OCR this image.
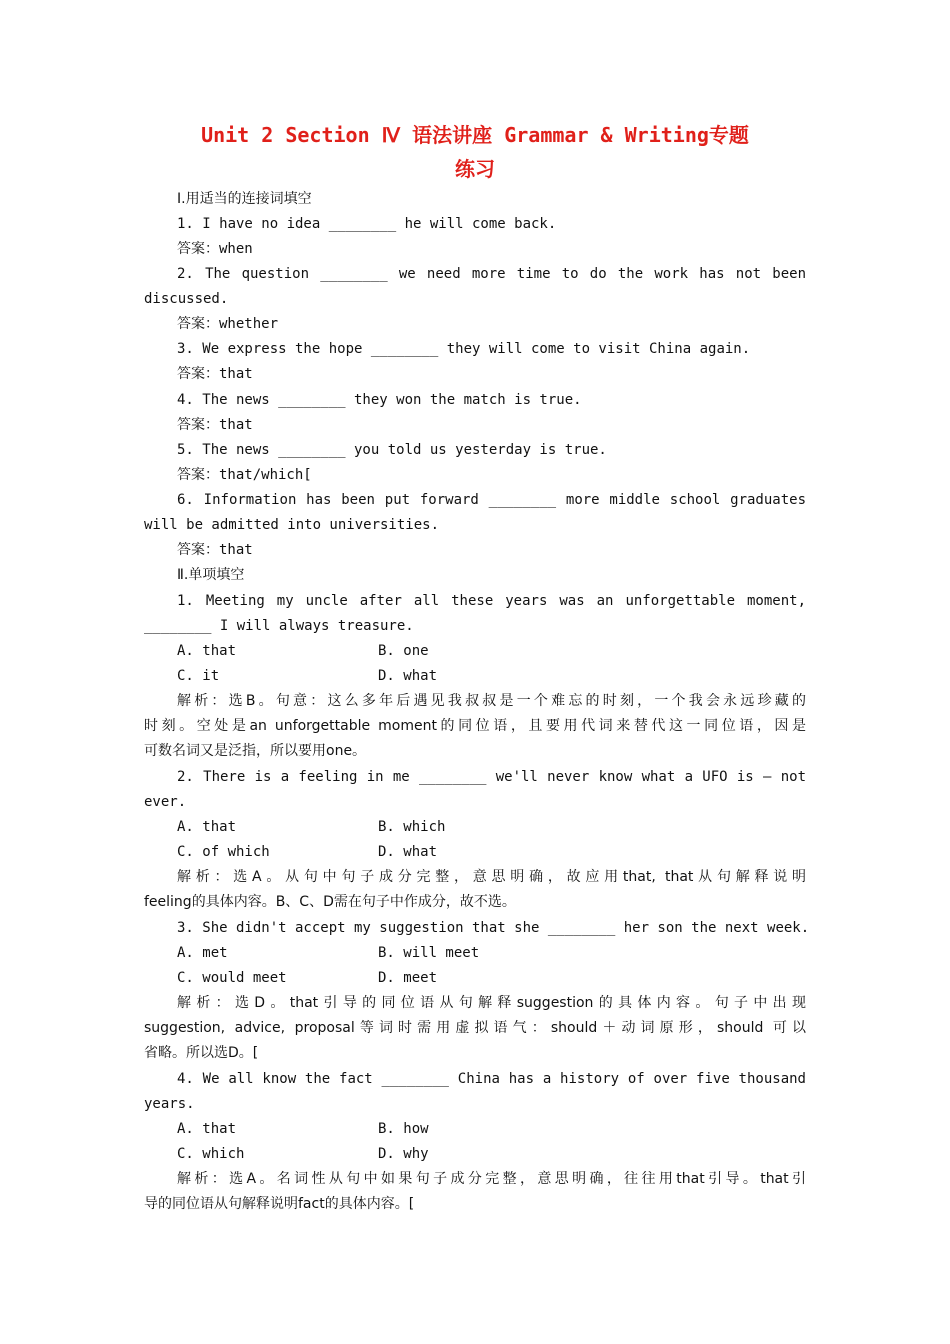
Unit 2 Section Ⅳ 语法讲座 Grammar & Writing专题
练习
Ⅰ.用适当的连接词填空
1. I have no idea ________ he will come back.
答案：when
2. The question ________ we need more time to do the work has not been
discussed.
答案：whether
3. We express the hope ________ they will come to visit China again.
答案：that
4. The news ________ they won the match is true.
答案：that
5. The news ________ you told us yesterday is true.
答案：that/which[
6. Information has been put forward ________ more middle school graduates
will be admitted into universities.
答案：that
Ⅱ.单项填空
1. Meeting my uncle after all these years was an unforgettable moment,
________ I will always treasure.
A. that	B. one
C. it	D. what
解析：选B。句意：这么多年后遇见我叔叔是一个难忘的时刻，一个我会永远珍藏的
时刻。空处是an unforgettable moment的同位语，且要用代词来替代这一同位语，因是
可数名词又是泛指，所以要用one。
2. There is a feeling in me ________ we'll never know what a UFO is — not
ever.
A. that	B. which
C. of which	D. what
解析：选A。从句中句子成分完整，意思明确，故应用that, that从句解释说明
feeling的具体内容。B、C、D需在句子中作成分，故不选。
3. She didn't accept my suggestion that she ________ her son the next week.
A. met	B. will meet
C. would meet	D. meet
解析：选D。that引导的同位语从句解释suggestion的具体内容。句子中出现
suggestion, advice, proposal等词时需用虚拟语气：should＋动词原形，should 可以
省略。所以选D。[
4. We all know the fact ________ China has a history of over five thousand
years.
A. that	B. how
C. which	D. why
解析：选A。名词性从句中如果句子成分完整，意思明确，往往用that引导。that引
导的同位语从句解释说明fact的具体内容。[
